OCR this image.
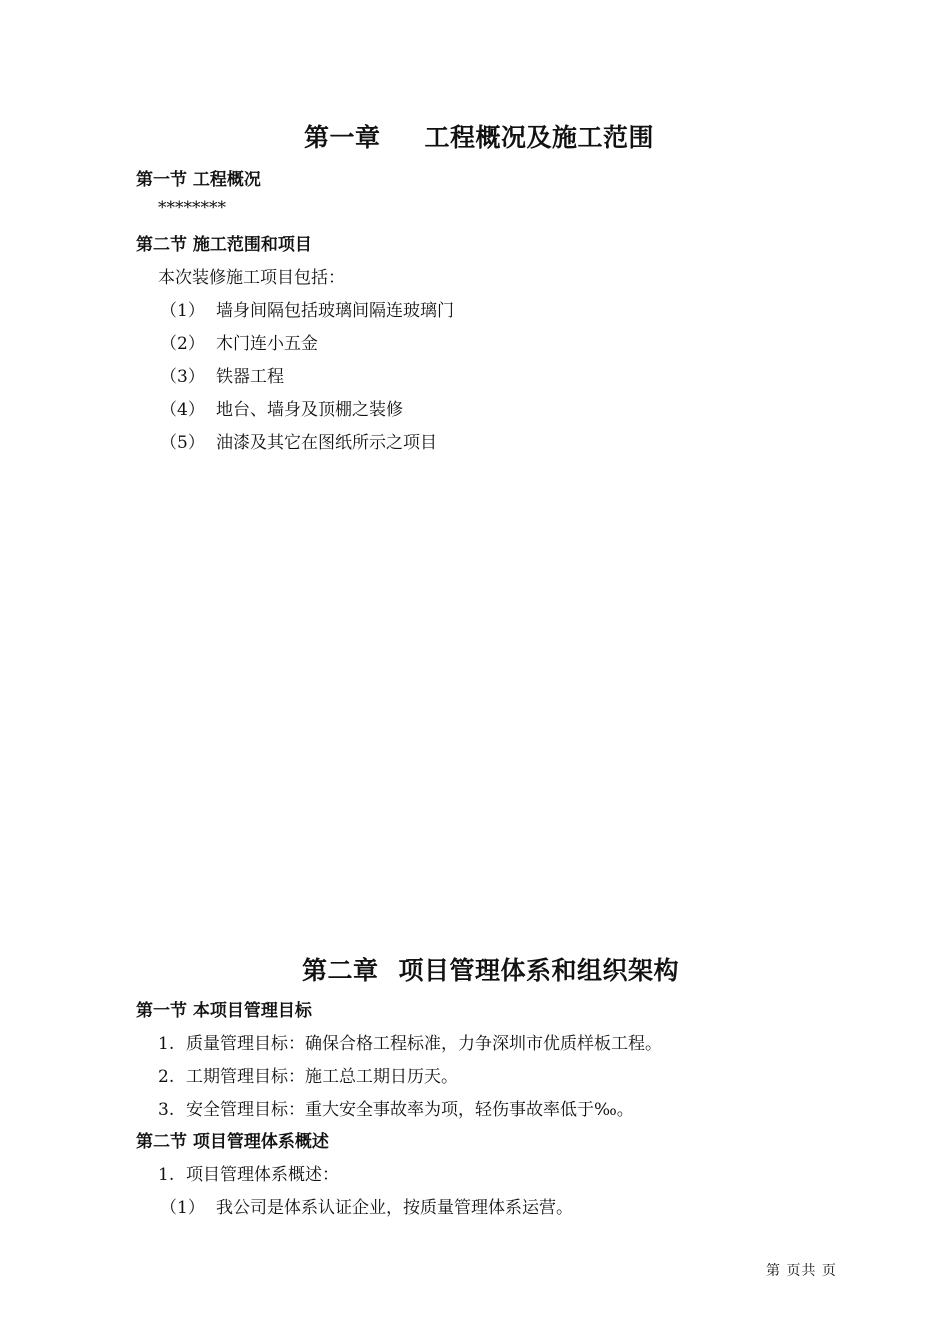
第一章 工程概况及施工范围
第一节 工程概况
********
第二节 施工范围和项目
本次装修施工项目包括：
（1） 墙身间隔包括玻璃间隔连玻璃门
（2） 木门连小五金
（3） 铁器工程
（4） 地台、墙身及顶棚之装修
（5） 油漆及其它在图纸所示之项目
第二章 项目管理体系和组织架构
第一节 本项目管理目标
1. 质量管理目标：确保合格工程标准，力争深圳市优质样板工程。
2. 工期管理目标：施工总工期日历天。
3. 安全管理目标：重大安全事故率为项，轻伤事故率低于‰。
第二节 项目管理体系概述
1. 项目管理体系概述：
（1） 我公司是体系认证企业，按质量管理体系运营。
第 页共 页
